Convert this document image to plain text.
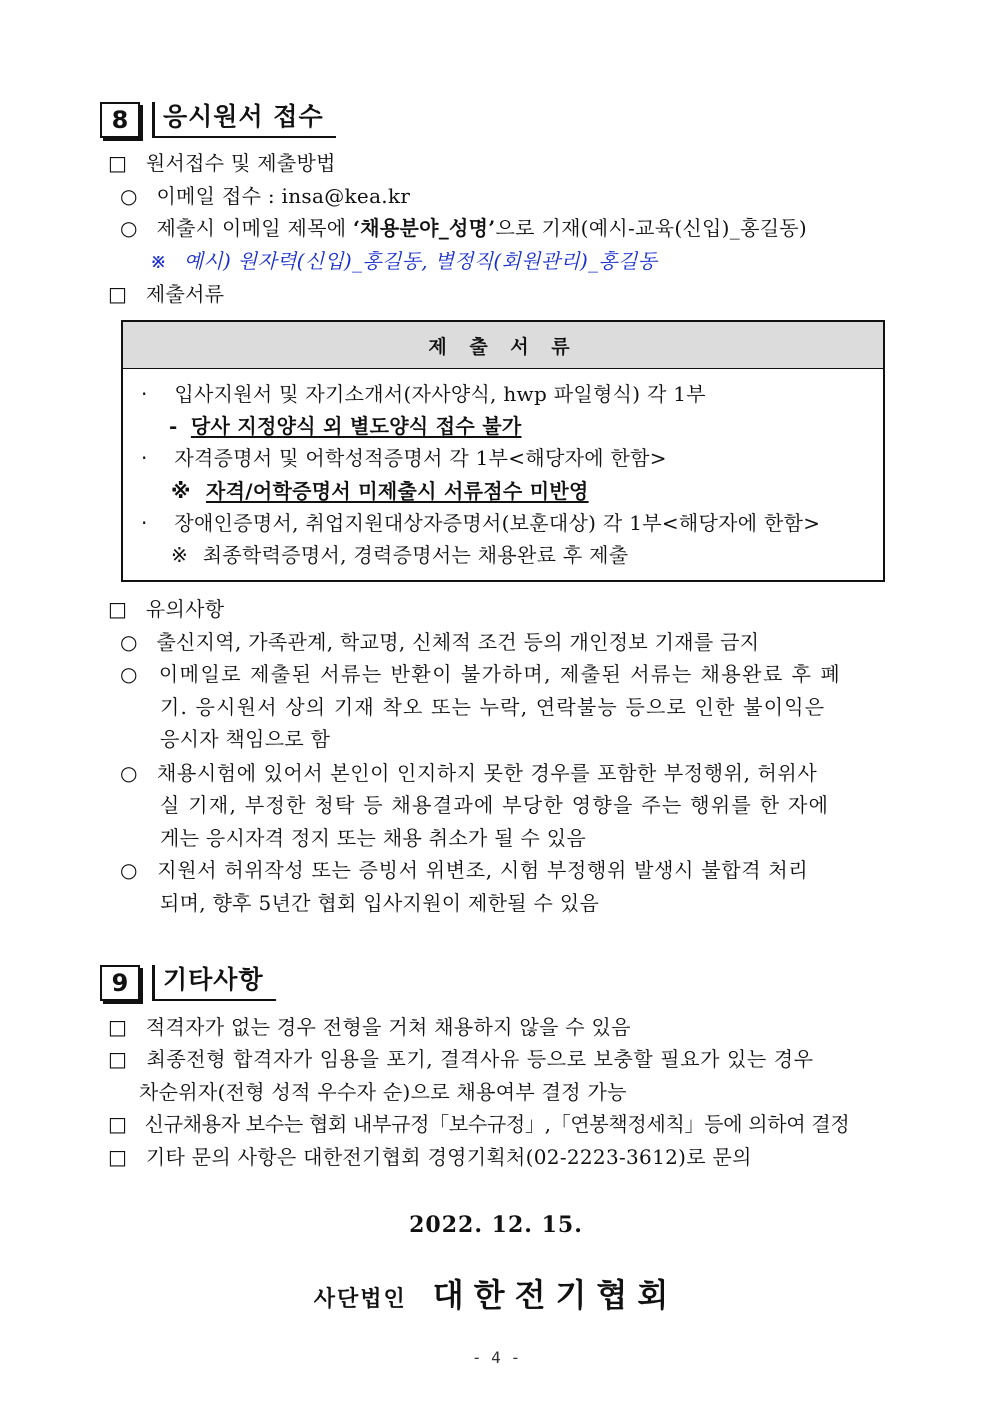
8	응시원서 접수
□ 원서접수 및 제출방법
○ 이메일 접수 : insa@kea.kr
○ 제출시 이메일 제목에 ‘채용분야_성명’으로 기재(예시-교육(신입)_홍길동)
※ 예시) 원자력(신입)_홍길동, 별정직(회원관리)_홍길동
□ 제출서류
제 출 서 류
· 입사지원서 및 자기소개서(자사양식, hwp 파일형식) 각 1부
- 당사 지정양식 외 별도양식 접수 불가
· 자격증명서 및 어학성적증명서 각 1부<해당자에 한함>
※ 자격/어학증명서 미제출시 서류점수 미반영
· 장애인증명서, 취업지원대상자증명서(보훈대상) 각 1부<해당자에 한함>
※ 최종학력증명서, 경력증명서는 채용완료 후 제출
□ 유의사항
○ 출신지역, 가족관계, 학교명, 신체적 조건 등의 개인정보 기재를 금지
○ 이메일로 제출된 서류는 반환이 불가하며, 제출된 서류는 채용완료 후 폐
기. 응시원서 상의 기재 착오 또는 누락, 연락불능 등으로 인한 불이익은
응시자 책임으로 함
○ 채용시험에 있어서 본인이 인지하지 못한 경우를 포함한 부정행위, 허위사
실 기재, 부정한 청탁 등 채용결과에 부당한 영향을 주는 행위를 한 자에
게는 응시자격 정지 또는 채용 취소가 될 수 있음
○ 지원서 허위작성 또는 증빙서 위변조, 시험 부정행위 발생시 불합격 처리
되며, 향후 5년간 협회 입사지원이 제한될 수 있음
9	기타사항
□ 적격자가 없는 경우 전형을 거쳐 채용하지 않을 수 있음
□ 최종전형 합격자가 임용을 포기, 결격사유 등으로 보충할 필요가 있는 경우
차순위자(전형 성적 우수자 순)으로 채용여부 결정 가능
□ 신규채용자 보수는 협회 내부규정「보수규정」,「연봉책정세칙」등에 의하여 결정
□ 기타 문의 사항은 대한전기협회 경영기획처(02-2223-3612)로 문의
2022. 12. 15.
사단법인 대한전기협회
- 4 -
